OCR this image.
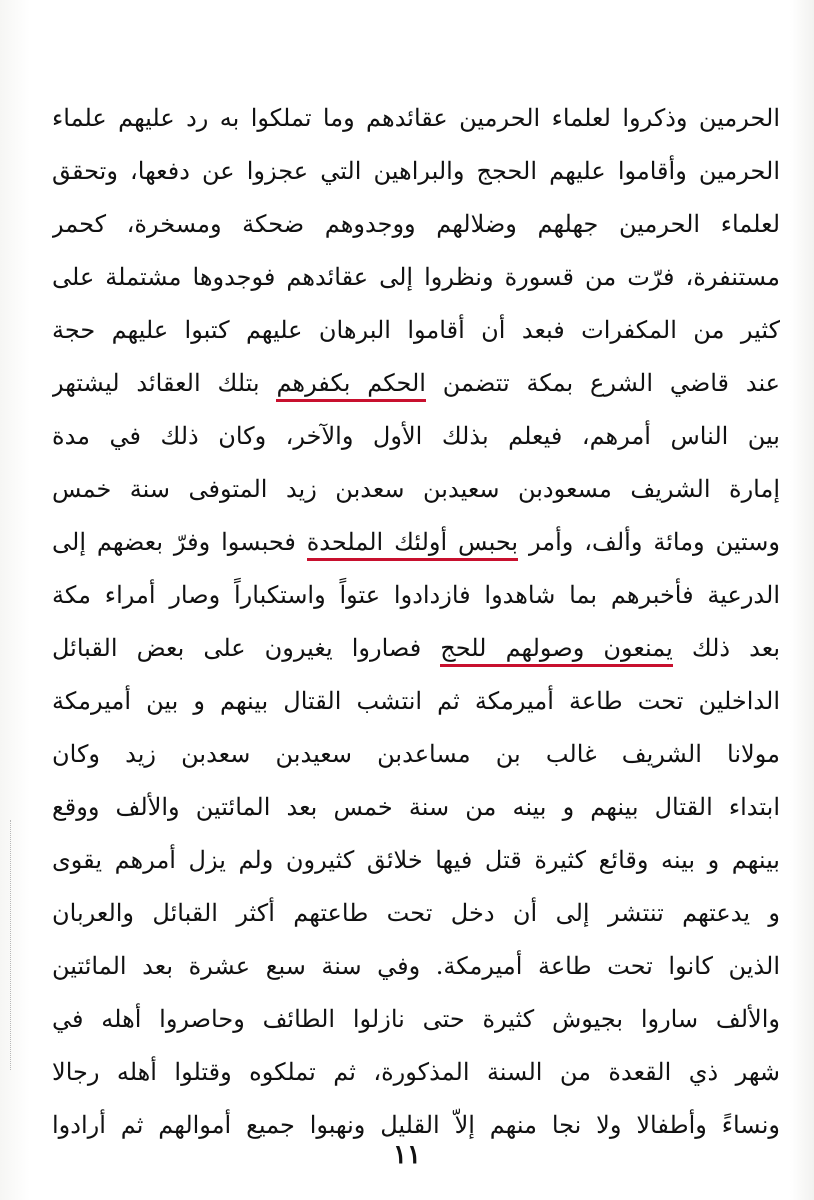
الحرمين وذكروا لعلماء الحرمين عقائدهم وما تملكوا به رد عليهم علماء
الحرمين وأقاموا عليهم الحجج والبراهين التي عجزوا عن دفعها، وتحقق
لعلماء الحرمين جهلهم وضلالهم ووجدوهم ضحكة ومسخرة، كحمر
مستنفرة، فرّت من قسورة ونظروا إلى عقائدهم فوجدوها مشتملة على
كثير من المكفرات فبعد أن أقاموا البرهان عليهم كتبوا عليهم حجة
عند قاضي الشرع بمكة تتضمن الحكم بكفرهم بتلك العقائد ليشتهر
بين الناس أمرهم، فيعلم بذلك الأول والآخر، وكان ذلك في مدة
إمارة الشريف مسعودبن سعيدبن سعدبن زيد المتوفى سنة خمس
وستين ومائة وألف، وأمر بحبس أولئك الملحدة فحبسوا وفرّ بعضهم إلى
الدرعية فأخبرهم بما شاهدوا فازدادوا عتواً واستكباراً وصار أمراء مكة
بعد ذلك يمنعون وصولهم للحج فصاروا يغيرون على بعض القبائل
الداخلين تحت طاعة أميرمكة ثم انتشب القتال بينهم و بين أميرمكة
مولانا الشريف غالب بن مساعدبن سعيدبن سعدبن زيد وكان
ابتداء القتال بينهم و بينه من سنة خمس بعد المائتين والألف ووقع
بينهم و بينه وقائع كثيرة قتل فيها خلائق كثيرون ولم يزل أمرهم يقوى
و يدعتهم تنتشر إلى أن دخل تحت طاعتهم أكثر القبائل والعربان
الذين كانوا تحت طاعة أميرمكة. وفي سنة سبع عشرة بعد المائتين
والألف ساروا بجيوش كثيرة حتى نازلوا الطائف وحاصروا أهله في
شهر ذي القعدة من السنة المذكورة، ثم تملكوه وقتلوا أهله رجالا
ونساءً وأطفالا ولا نجا منهم إلاّ القليل ونهبوا جميع أموالهم ثم أرادوا
١١
